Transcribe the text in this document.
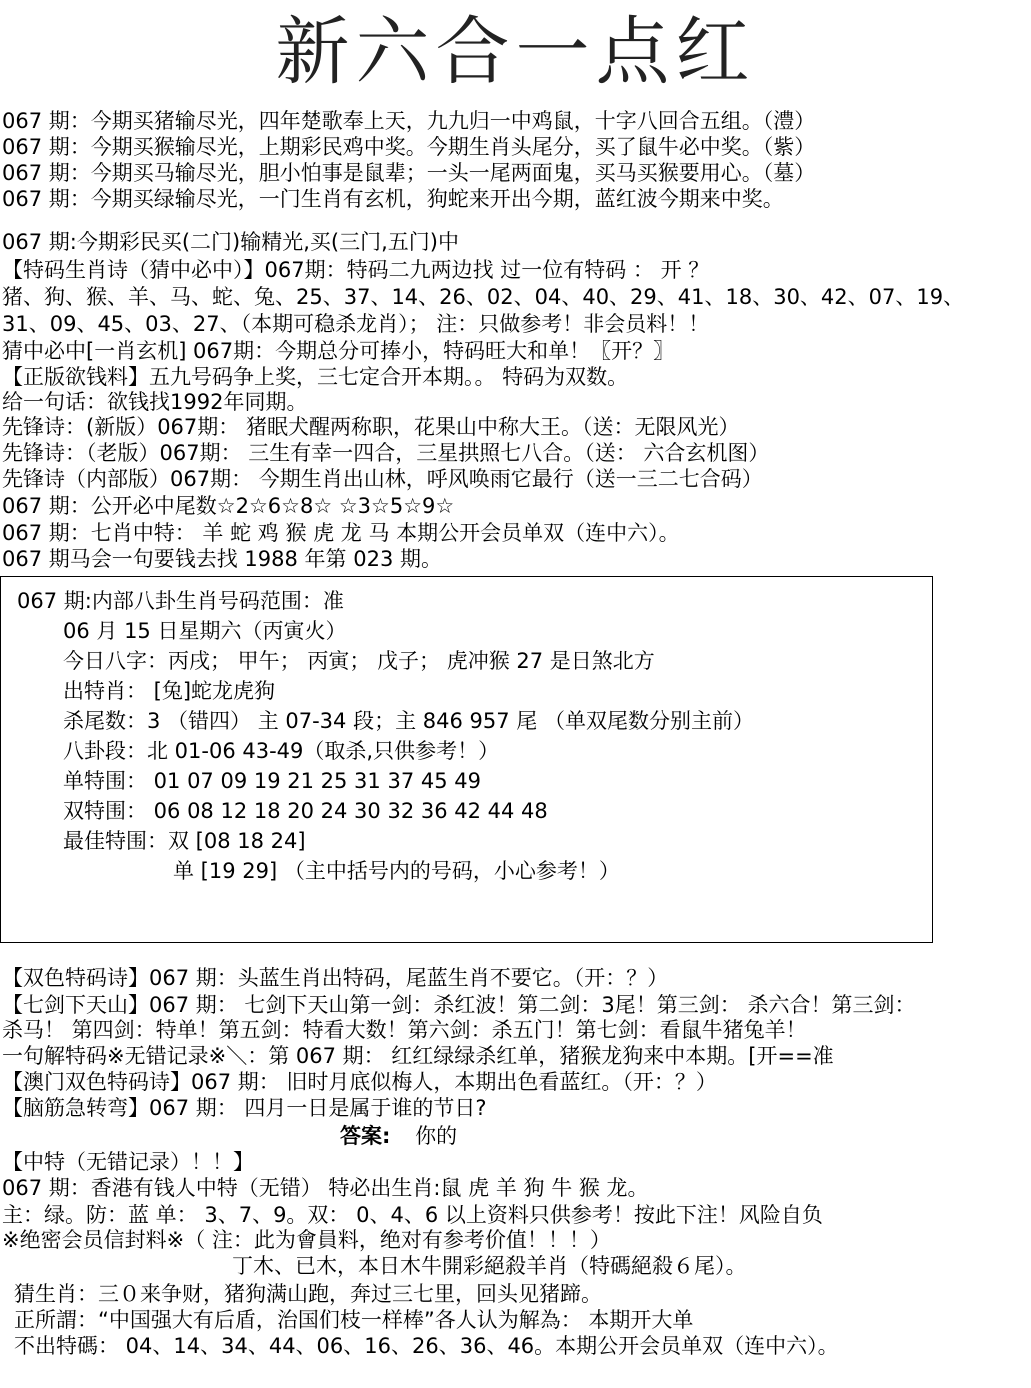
新六合一点红
067 期：今期买猪输尽光，四年楚歌奉上天，九九归一中鸡鼠，十字八回合五组。（澧）
067 期：今期买猴输尽光，上期彩民鸡中奖。今期生肖头尾分，买了鼠牛必中奖。（紫）
067 期：今期买马输尽光，胆小怕事是鼠辈；一头一尾两面鬼，买马买猴要用心。（墓）
067 期：今期买绿输尽光，一门生肖有玄机，狗蛇来开出今期，蓝红波今期来中奖。
067 期:今期彩民买(二门)输精光,买(三门,五门)中
【特码生肖诗（猜中必中）】067期：特码二九两边找 过一位有特码 ： 开 ？
猪、狗、猴、羊、马、蛇、兔、25、37、14、26、02、04、40、29、41、18、30、42、07、19、
31、09、45、03、27、（本期可稳杀龙肖）； 注：只做参考！非会员料！！
猜中必中[一肖玄机] 067期：今期总分可捧小，特码旺大和单！〖开？〗
【正版欲钱料】五九号码争上奖，三七定合开本期。。 特码为双数。
给一句话：欲钱找1992年同期。
先锋诗：(新版）067期： 猪眠犬醒两称职，花果山中称大王。（送：无限风光）
先锋诗：（老版）067期： 三生有幸一四合，三星拱照七八合。（送： 六合玄机图）
先锋诗（内部版）067期： 今期生肖出山林，呼风唤雨它最行（送一三二七合码）
067 期：公开必中尾数☆2☆6☆8☆ ☆3☆5☆9☆
067 期：七肖中特： 羊 蛇 鸡 猴 虎 龙 马 本期公开会员单双（连中六）。
067 期马会一句要钱去找 1988 年第 023 期。
067 期:内部八卦生肖号码范围：准
06 月 15 日星期六（丙寅火）
今日八字：丙戌； 甲午； 丙寅； 戊子； 虎冲猴 27 是日煞北方
出特肖： [兔]蛇龙虎狗
杀尾数：3 （错四） 主 07-34 段；主 846 957 尾 （单双尾数分别主前）
八卦段：北 01-06 43-49（取杀,只供参考！）
单特围： 01 07 09 19 21 25 31 37 45 49
双特围： 06 08 12 18 20 24 30 32 36 42 44 48
最佳特围：双 [08 18 24]
单 [19 29] （主中括号内的号码，小心参考！）
【双色特码诗】067 期：头蓝生肖出特码，尾蓝生肖不要它。（开：？）
【七剑下天山】067 期： 七剑下天山第一剑：杀红波！第二剑：3尾！第三剑： 杀六合！第三剑：
杀马！ 第四剑：特单！第五剑：特看大数！第六剑：杀五门！第七剑：看鼠牛猪兔羊！
一句解特码※无错记录※＼：第 067 期： 红红绿绿杀红单，猪猴龙狗来中本期。[开==准
【澳门双色特码诗】067 期： 旧时月底似梅人，本期出色看蓝红。（开：？）
【脑筋急转弯】067 期： 四月一日是属于谁的节日?
答案: 你的
【中特（无错记录）！！】
067 期：香港有钱人中特（无错） 特必出生肖:鼠 虎 羊 狗 牛 猴 龙。
主：绿。防：蓝 单： 3、7、9。双： 0、4、6 以上资料只供参考！按此下注！风险自负
※绝密会员信封料※（ 注：此为會員料，绝对有参考价值！！！）
丁木、已木，本日木牛開彩絕殺羊肖（特碼絕殺６尾）。
猜生肖：三０来争财，猪狗满山跑，奔过三七里，回头见猪蹄。
正所謂：“中国强大有后盾，治国们枝一样棒”各人认为解為： 本期开大单
不出特碼： 04、14、34、44、06、16、26、36、46。本期公开会员单双（连中六）。
